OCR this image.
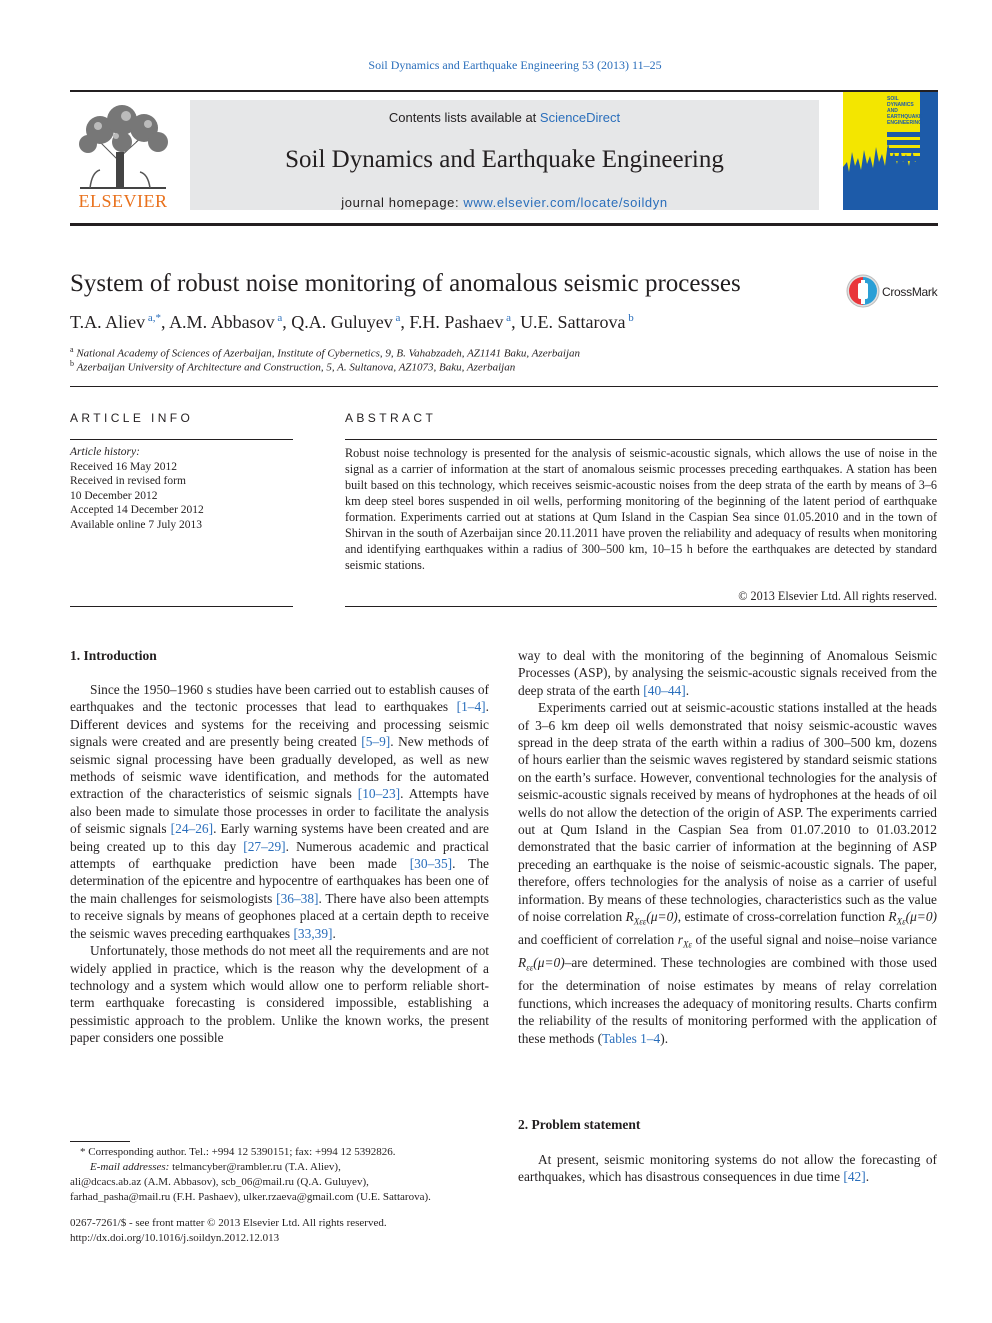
Soil Dynamics and Earthquake Engineering 53 (2013) 11–25
ELSEVIER
Contents lists available at ScienceDirect
Soil Dynamics and Earthquake Engineering
journal homepage: www.elsevier.com/locate/soildyn
SOIL
DYNAMICS
AND
EARTHQUAKE
ENGINEERING
System of robust noise monitoring of anomalous seismic processes	CrossMark
T.A. Aliev $^{a,*}$, A.M. Abbasov $^a$, Q.A. Guluyev $^a$, F.H. Pashaev $^a$, U.E. Sattarova $^b$
$^a$ National Academy of Sciences of Azerbaijan, Institute of Cybernetics, 9, B. Vahabzadeh, AZ1141 Baku, Azerbaijan
$^b$ Azerbaijan University of Architecture and Construction, 5, A. Sultanova, AZ1073, Baku, Azerbaijan
ARTICLE INFO
Article history:
Received 16 May 2012
Received in revised form
10 December 2012
Accepted 14 December 2012
Available online 7 July 2013
ABSTRACT
Robust noise technology is presented for the analysis of seismic-acoustic signals, which allows the use of noise in the signal as a carrier of information at the start of anomalous seismic processes preceding earthquakes. A station has been built based on this technology, which receives seismic-acoustic noises from the deep strata of the earth by means of 3–6 km deep steel bores suspended in oil wells, performing monitoring of the beginning of the latent period of earthquake formation. Experiments carried out at stations at Qum Island in the Caspian Sea since 01.05.2010 and in the town of Shirvan in the south of Azerbaijan since 20.11.2011 have proven the reliability and adequacy of results when monitoring and identifying earthquakes within a radius of 300–500 km, 10–15 h before the earthquakes are detected by standard seismic stations.
© 2013 Elsevier Ltd. All rights reserved.
1. Introduction

Since the 1950–1960 s studies have been carried out to establish causes of earthquakes and the tectonic processes that lead to earthquakes [1–4]. Different devices and systems for the receiving and processing seismic signals were created and are presently being created [5–9]. New methods of seismic signal processing have been gradually developed, as well as new methods of seismic wave identification, and methods for the automated extraction of the characteristics of seismic signals [10–23]. Attempts have also been made to simulate those processes in order to facilitate the analysis of seismic signals [24–26]. Early warning systems have been created and are being created up to this day [27–29]. Numerous academic and practical attempts of earthquake prediction have been made [30–35]. The determination of the epicentre and hypocentre of earthquakes has been one of the main challenges for seismologists [36–38]. There have also been attempts to receive signals by means of geophones placed at a certain depth to receive the seismic waves preceding earthquakes [33,39].

Unfortunately, those methods do not meet all the requirements and are not widely applied in practice, which is the reason why the development of a technology and a system which would allow one to perform reliable short-term earthquake forecasting is considered impossible, establishing a pessimistic approach to the problem. Unlike the known works, the present paper considers one possible

way to deal with the monitoring of the beginning of Anomalous Seismic Processes (ASP), by analysing the seismic-acoustic signals received from the deep strata of the earth [40–44].

Experiments carried out at seismic-acoustic stations installed at the heads of 3–6 km deep oil wells demonstrated that noisy seismic-acoustic waves spread in the deep strata of the earth within a radius of 300–500 km, dozens of hours earlier than the seismic waves registered by standard seismic stations on the earth’s surface. However, conventional technologies for the analysis of seismic-acoustic signals received by means of hydrophones at the heads of oil wells do not allow the detection of the origin of ASP. The experiments carried out at Qum Island in the Caspian Sea from 01.07.2010 to 01.03.2012 demonstrated that the basic carrier of information at the beginning of ASP preceding an earthquake is the noise of seismic-acoustic signals. The paper, therefore, offers technologies for the analysis of noise as a carrier of useful information. By means of these technologies, characteristics such as the value of noise correlation $R_{X\varepsilon\varepsilon}(\mu=0)$, estimate of cross-correlation function $R_{X\varepsilon}(\mu=0)$ and coefficient of correlation $r_{X\varepsilon}$ of the useful signal and noise–noise variance $R_{\varepsilon\varepsilon}(\mu=0)$–are determined. These technologies are combined with those used for the determination of noise estimates by means of relay correlation functions, which increases the adequacy of monitoring results. Charts confirm the reliability of the results of monitoring performed with the application of these methods (Tables 1–4).

2. Problem statement

At present, seismic monitoring systems do not allow the forecasting of earthquakes, which has disastrous consequences in due time [42].

* Corresponding author. Tel.: +994 12 5390151; fax: +994 12 5392826.
E-mail addresses: telmancyber@rambler.ru (T.A. Aliev),
ali@dcacs.ab.az (A.M. Abbasov), scb_06@mail.ru (Q.A. Guluyev),
farhad_pasha@mail.ru (F.H. Pashaev), ulker.rzaeva@gmail.com (U.E. Sattarova).
0267-7261/$ - see front matter © 2013 Elsevier Ltd. All rights reserved.
http://dx.doi.org/10.1016/j.soildyn.2012.12.013
